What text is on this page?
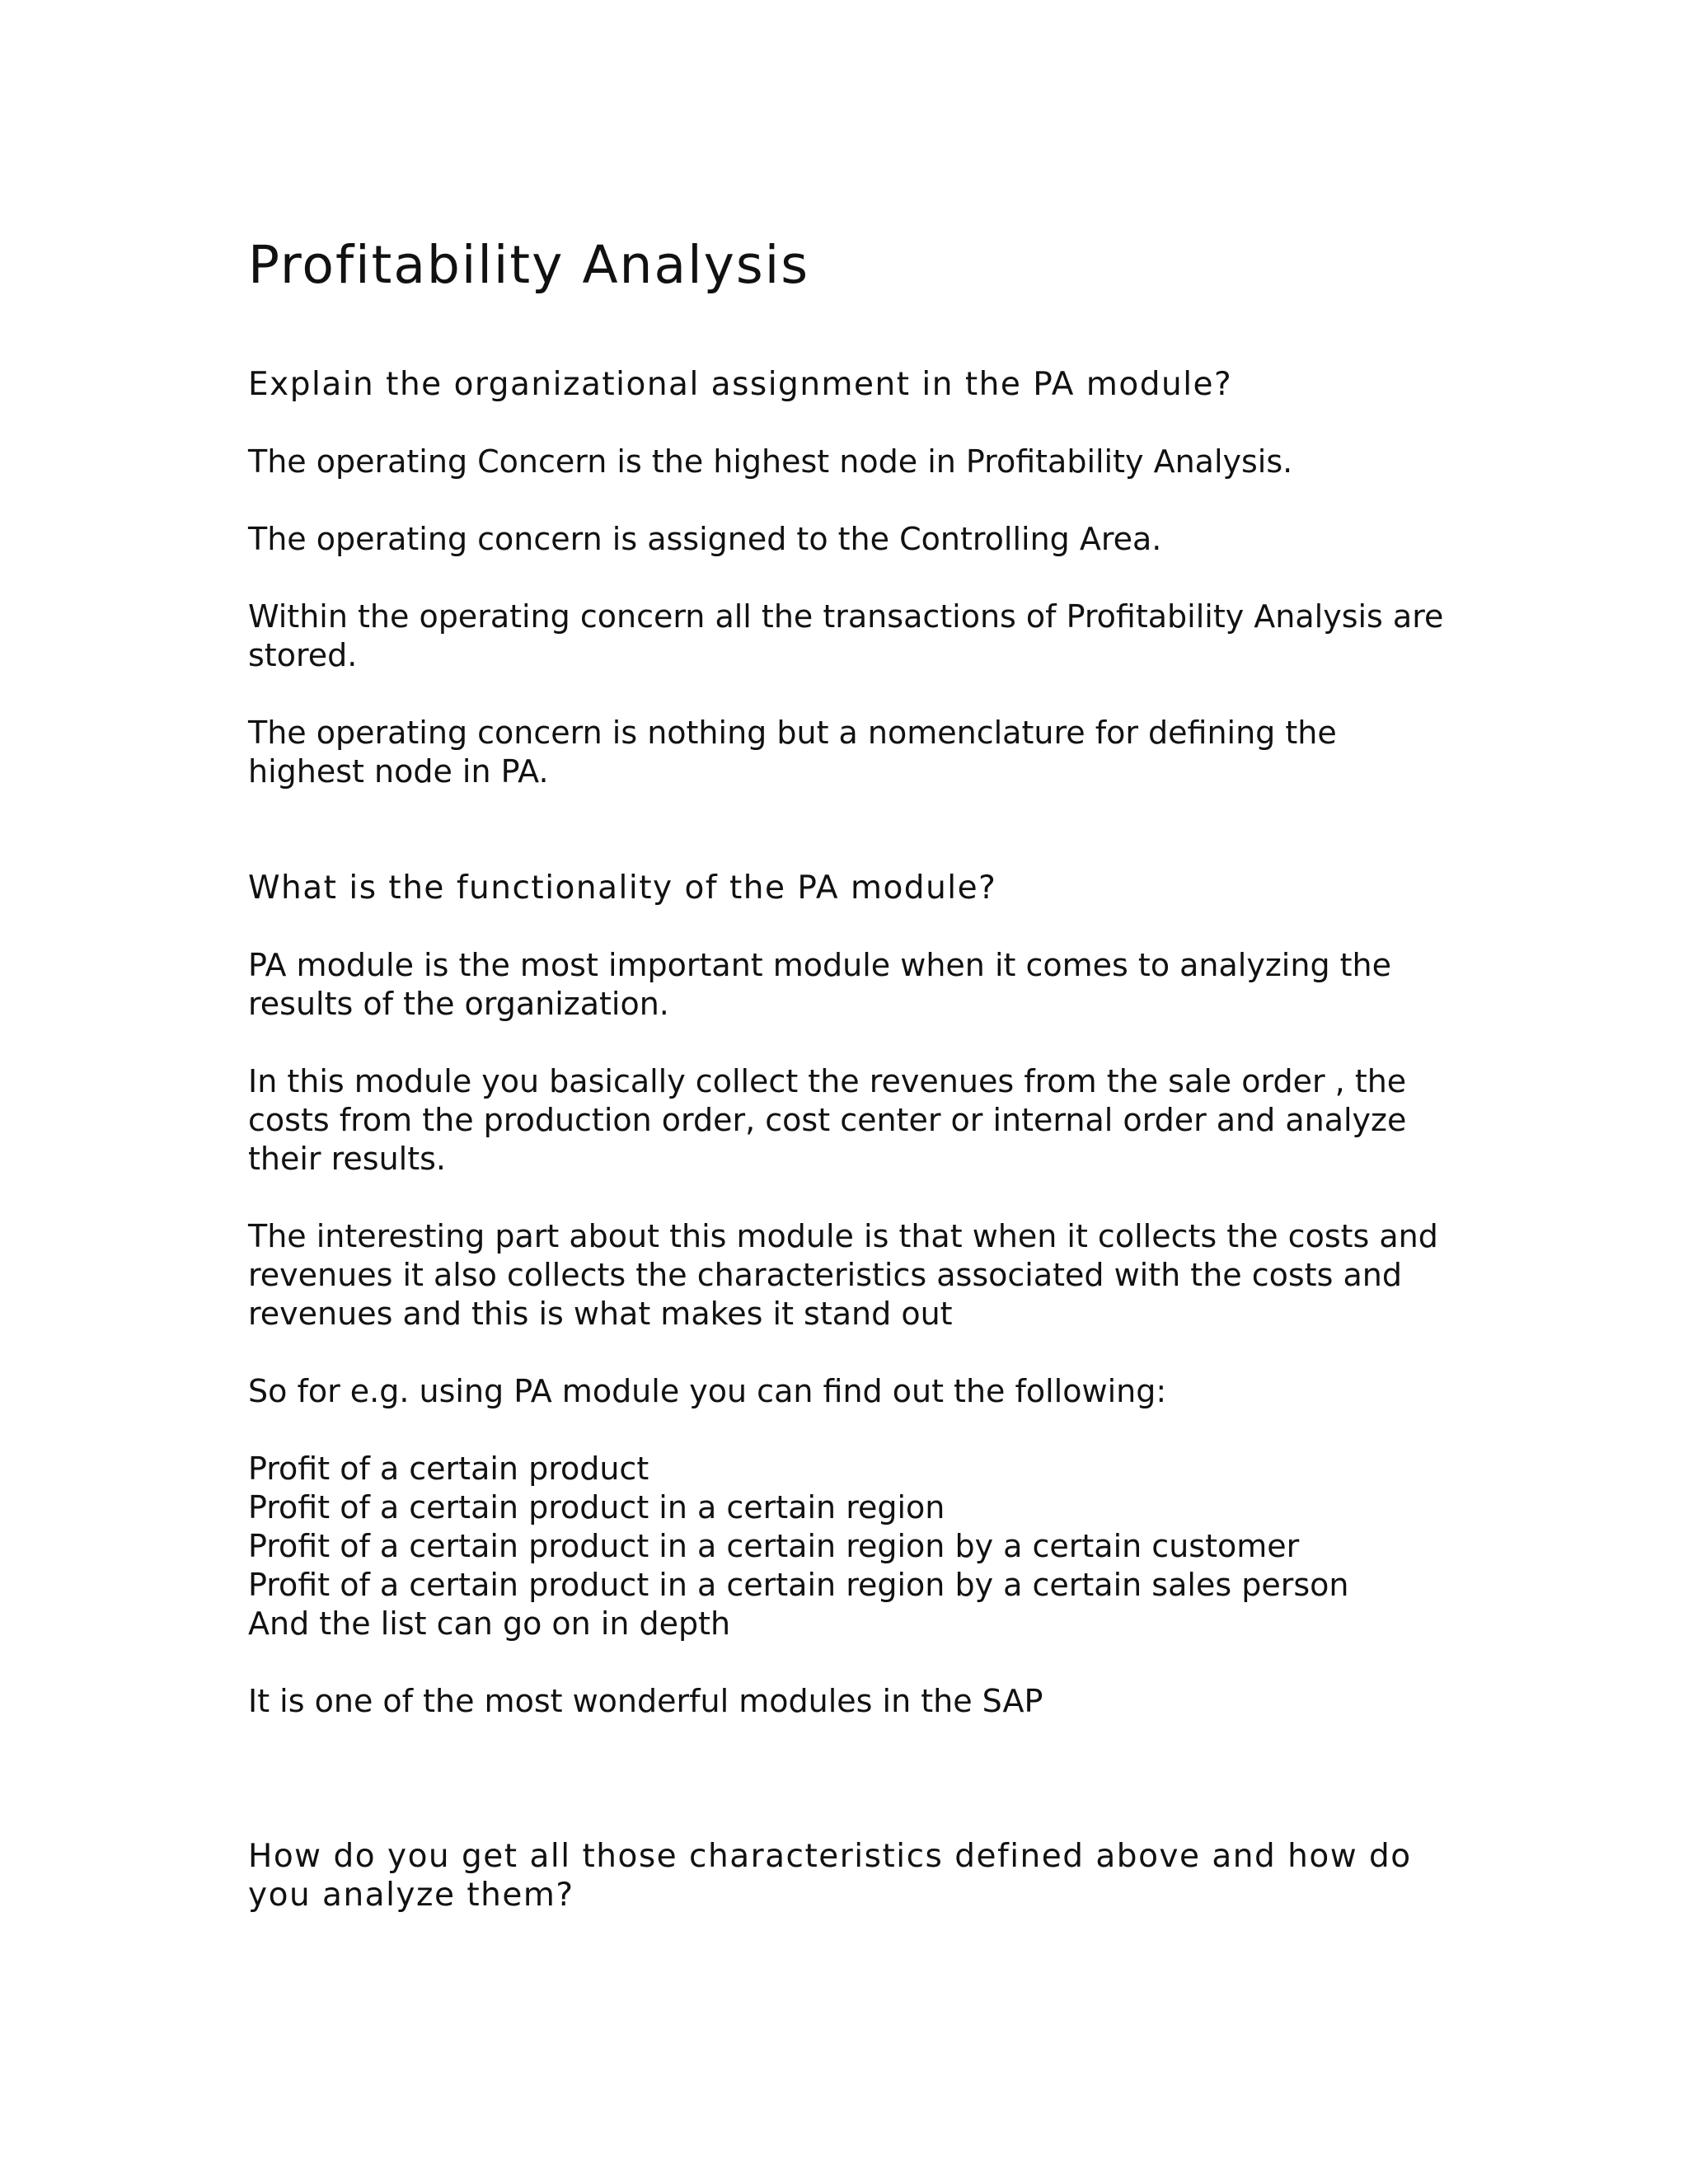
Profitability Analysis

Explain the organizational assignment in the PA module?

The operating Concern is the highest node in Profitability Analysis.

The operating concern is assigned to the Controlling Area.

Within the operating concern all the transactions of Profitability Analysis are stored.

The operating concern is nothing but a nomenclature for defining the highest node in PA.

What is the functionality of the PA module?

PA module is the most important module when it comes to analyzing the results of the organization.

In this module you basically collect the revenues from the sale order , the costs from the production order, cost center or internal order and analyze their results.

The interesting part about this module is that when it collects the costs and revenues it also collects the characteristics associated with the costs and revenues and this is what makes it stand out

So for e.g. using PA module you can find out the following:

Profit of a certain product
Profit of a certain product in a certain region
Profit of a certain product in a certain region by a certain customer
Profit of a certain product in a certain region by a certain sales person
And the list can go on in depth

It is one of the most wonderful modules in the SAP

How do you get all those characteristics defined above and how do you analyze them?
